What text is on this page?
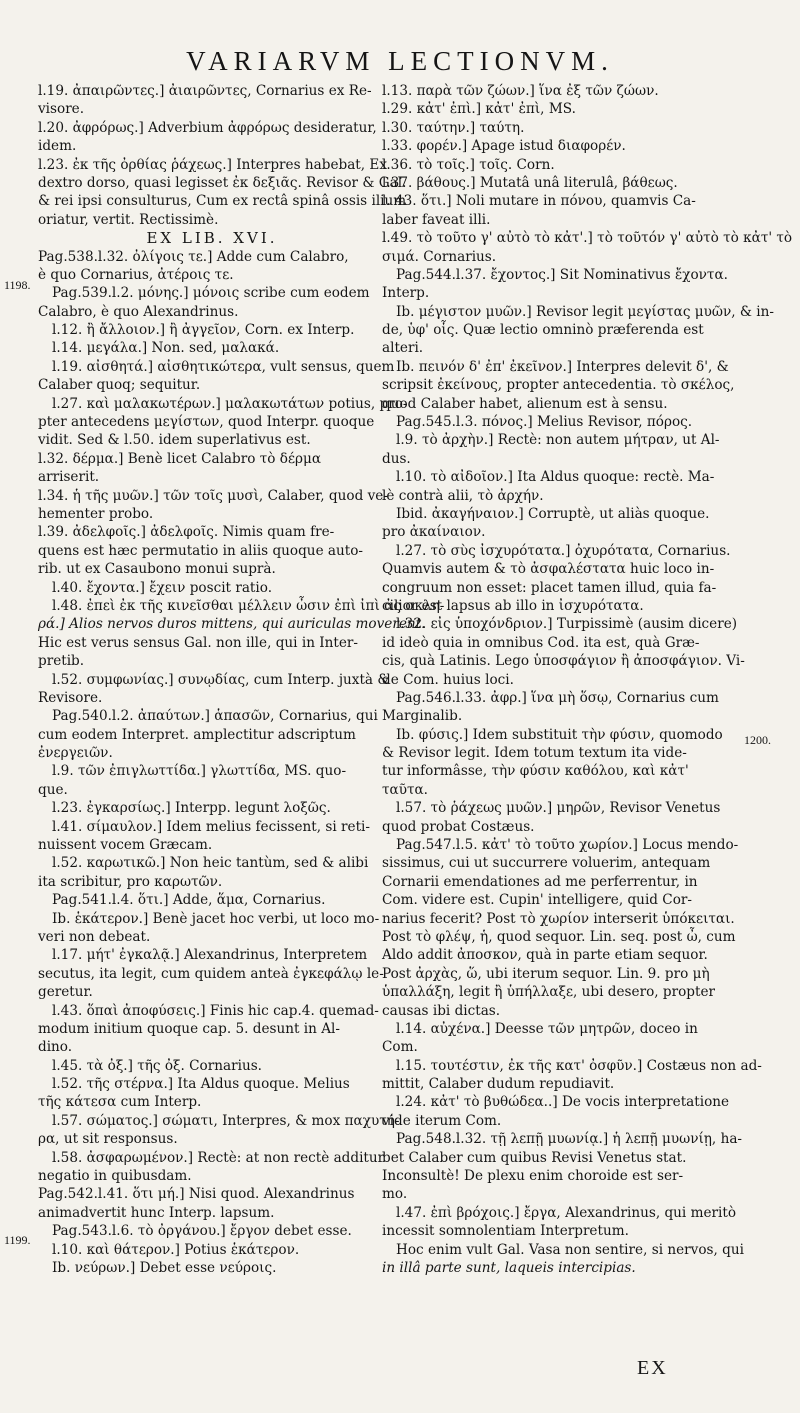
VARIARVM LECTIONVM.
l.19. ἀπαιρῶντες.] ἀιαιρῶντες, Cornarius ex Re-
visore.
l.20. ἀφρόρως.] Adverbium ἀφρόρως desideratur,
idem.
l.23. ἐκ τῆς ὀρθίας ῥάχεως.] Interpres habebat, Ex
dextro dorso, quasi legisset ἐκ δεξιᾶς. Revisor & Gal.
& rei ipsi consulturus, Cum ex rectâ spinâ ossis ilium
oriatur, vertit. Rectissimè.
EX LIB. XVI.
Pag.538.l.32. ὀλίγοις τε.] Adde cum Calabro,
è quo Cornarius, ἀτέροις τε.
Pag.539.l.2. μόνης.] μόνοις scribe cum eodem
Calabro, è quo Alexandrinus.
l.12. ἢ ἄλλοιον.] ἢ ἀγγεῖον, Corn. ex Interp.
l.14. μεγάλα.] Non. sed, μαλακά.
l.19. αἰσθητά.] αἰσθητικώτερα, vult sensus, quem
Calaber quoq; sequitur.
l.27. καὶ μαλακωτέρων.] μαλακωτάτων potius, pro-
pter antecedens μεγίστων, quod Interpr. quoque
vidit. Sed & l.50. idem superlativus est.
l.32. δέρμα.] Benè licet Calabro τὸ δέρμα
arriserit.
l.34. ἡ τῆς μυῶν.] τῶν τοῖς μυσὶ, Calaber, quod ve-
hementer probo.
l.39. ἀδελφοῖς.] ἀδελφοῖς. Nimis quam fre-
quens est hæc permutatio in aliis quoque auto-
rib. ut ex Casaubono monui suprà.
l.40. ἔχοντα.] ἔχειν poscit ratio.
l.48. ἐπεὶ ἐκ τῆς κινεῖσθαι μέλλειν ὦσιν ἐπὶ ἰπὶ ἀς σκλη-
ρά.] Alios nervos duros mittens, qui auriculas moverent.
Hic est verus sensus Gal. non ille, qui in Inter-
pretib.
l.52. συμφωνίας.] συνῳδίας, cum Interp. juxtà &
Revisore.
Pag.540.l.2. ἀπαύτων.] ἁπασῶν, Cornarius, qui
cum eodem Interpret. amplectitur adscriptum
ἐνεργειῶν.
l.9. τῶν ἐπιγλωττίδα.] γλωττίδα, MS. quo-
que.
l.23. ἐγκαρσίως.] Interpp. legunt λοξῶς.
l.41. σίμαυλον.] Idem melius fecissent, si reti-
nuissent vocem Græcam.
l.52. καρωτικῶ.] Non heic tantùm, sed & alibi
ita scribitur, pro καρωτῶν.
Pag.541.l.4. ὅτι.] Adde, ἅμα, Cornarius.
Ib. ἑκάτερον.] Benè jacet hoc verbi, ut loco mo-
veri non debeat.
l.17. μήτ' ἐγκαλᾷ.] Alexandrinus, Interpretem
secutus, ita legit, cum quidem anteà ἐγκεφάλῳ le-
geretur.
l.43. ὅπαὶ ἀποφύσεις.] Finis hic cap.4. quemad-
modum initium quoque cap. 5. desunt in Al-
dino.
l.45. τὰ ὀξ.] τῆς ὀξ. Cornarius.
l.52. τῆς στέρνα.] Ita Aldus quoque. Melius
τῆς κάτεσα cum Interp.
l.57. σώματος.] σώματι, Interpres, & mox παχυτή-
ρα, ut sit responsus.
l.58. ἀσφαρωμένον.] Rectè: at non rectè additur
negatio in quibusdam.
Pag.542.l.41. ὅτι μή.] Nisi quod. Alexandrinus
animadvertit hunc Interp. lapsum.
Pag.543.l.6. τὸ ὀργάνου.] ἔργον debet esse.
l.10. καὶ θάτερον.] Potius ἑκάτερον.
Ib. νεύρων.] Debet esse νεύροις.
l.13. παρὰ τῶν ζώων.] ἵνα ἐξ τῶν ζώων.
l.29. κἀτ' ἐπὶ.] κἀτ' ἐπὶ, MS.
l.30. ταύτην.] ταύτη.
l.33. φορέν.] Apage istud διαφορέν.
l.36. τὸ τοῖς.] τοῖς. Corn.
l.37. βάθους.] Mutatâ unâ literulâ, βάθεως.
l. 43. ὅτι.] Noli mutare in πόνου, quamvis Ca-
laber faveat illi.
l.49. τὸ τοῦτο γ' αὐτὸ τὸ κἀτ'.] τὸ τοῦτόν γ' αὐτὸ τὸ κἀτ' τὸ
σιμά. Cornarius.
Pag.544.l.37. ἔχοντος.] Sit Nominativus ἔχοντα.
Interp.
Ib. μέγιστον μυῶν.] Revisor legit μεγίστας μυῶν, & in-
de, ὑφ' οἷς. Quæ lectio omninò præferenda est
alteri.
Ib. πεινόν δ' ἐπ' ἐκεῖνον.] Interpres delevit δ', &
scripsit ἐκείνους, propter antecedentia. τὸ σκέλος,
quod Calaber habet, alienum est à sensu.
Pag.545.l.3. πόνος.] Melius Revisor, πόρος.
l.9. τὸ ἀρχὴν.] Rectè: non autem μήτραν, ut Al-
dus.
l.10. τὸ αἰδοῖον.] Ita Aldus quoque: rectè. Ma-
lè contrà alii, τὸ ἀρχήν.
Ibid. ἀκαγήναιον.] Corruptè, ut aliàs quoque.
pro ἀκαίναιον.
l.27. τὸ σὺς ἰσχυρότατα.] ὀχυρότατα, Cornarius.
Quamvis autem & τὸ ἀσφαλέστατα huic loco in-
congruum non esset: placet tamen illud, quia fa-
cilior est lapsus ab illo in ἰσχυρότατα.
l.32. εἰς ὑποχόνδριον.] Turpissimè (ausim dicere)
id ideò quia in omnibus Cod. ita est, quà Græ-
cis, quà Latinis. Lego ὑποσφάγιον ἢ ἀποσφάγιον. Vi-
de Com. huius loci.
Pag.546.l.33. ἀφρ.] ἵνα μὴ ὅσῳ, Cornarius cum
Marginalib.
Ib. φύσις.] Idem substituit τὴν φύσιν, quomodo
& Revisor legit. Idem totum textum ita vide-
tur informâsse, τὴν φύσιν καθόλου, καὶ κἀτ'
ταῦτα.
l.57. τὸ ῥάχεως μυῶν.] μηρῶν, Revisor Venetus
quod probat Costæus.
Pag.547.l.5. κἀτ' τὸ τοῦτο χωρίον.] Locus mendo-
sissimus, cui ut succurrere voluerim, antequam
Cornarii emendationes ad me perferrentur, in
Com. videre est. Cupin' intelligere, quid Cor-
narius fecerit? Post τὸ χωρίον interserit ὑπόκειται.
Post τὸ φλέψ, ἡ, quod sequor. Lin. seq. post ὦ, cum
Aldo addit ἀποσκον, quà in parte etiam sequor.
Post ἀρχὰς, ὥ, ubi iterum sequor. Lin. 9. pro μὴ
ὑπαλλάξη, legit ἢ ὑπήλλαξε, ubi desero, propter
causas ibi dictas.
l.14. αὐχένα.] Deesse τῶν μητρῶν, doceo in
Com.
l.15. τουτέστιν, ἐκ τῆς κατ' ὀσφῦν.] Costæus non ad-
mittit, Calaber dudum repudiavit.
l.24. κἀτ' τὸ βυθώδεα..] De vocis interpretatione
vide iterum Com.
Pag.548.l.32. τῇ λεπῇ μυωνίᾳ.] ἡ λεπῇ μυωνίῃ, ha-
bet Calaber cum quibus Revisi Venetus stat.
Inconsultè! De plexu enim choroide est ser-
mo.
l.47. ἐπὶ βρόχοις.] ἔργα, Alexandrinus, qui meritò
incessit somnolentiam Interpretum.
Hoc enim vult Gal. Vasa non sentire, si nervos, qui
in illâ parte sunt, laqueis intercipias.
1198.
1199.
1200.
EX
